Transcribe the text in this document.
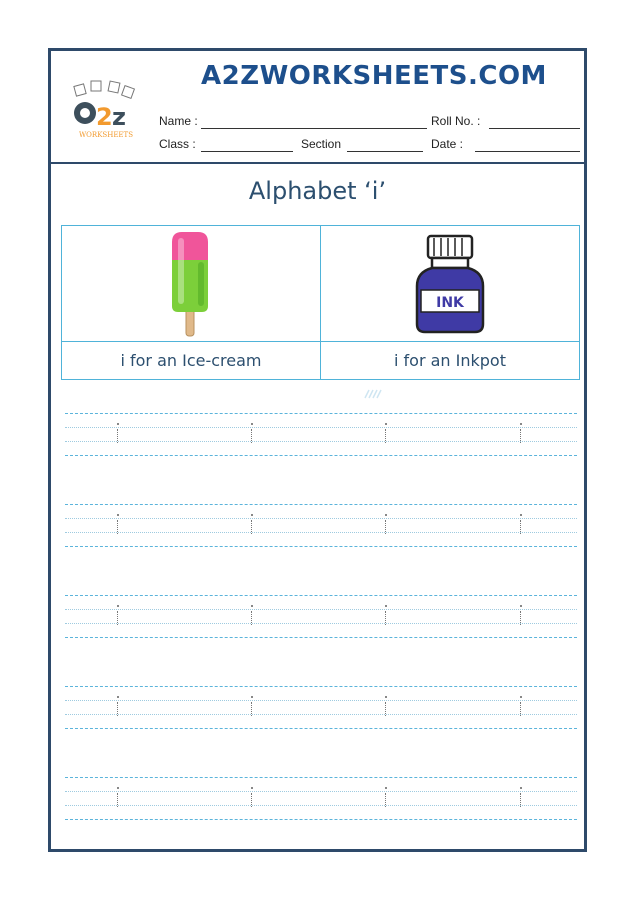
2 z
WORKSHEETS
A2ZWORKSHEETS.COM
Name :	Roll No. :
Class :	Section	Date :
Alphabet ‘i’
INK
i for an Ice-cream	i for an Inkpot
